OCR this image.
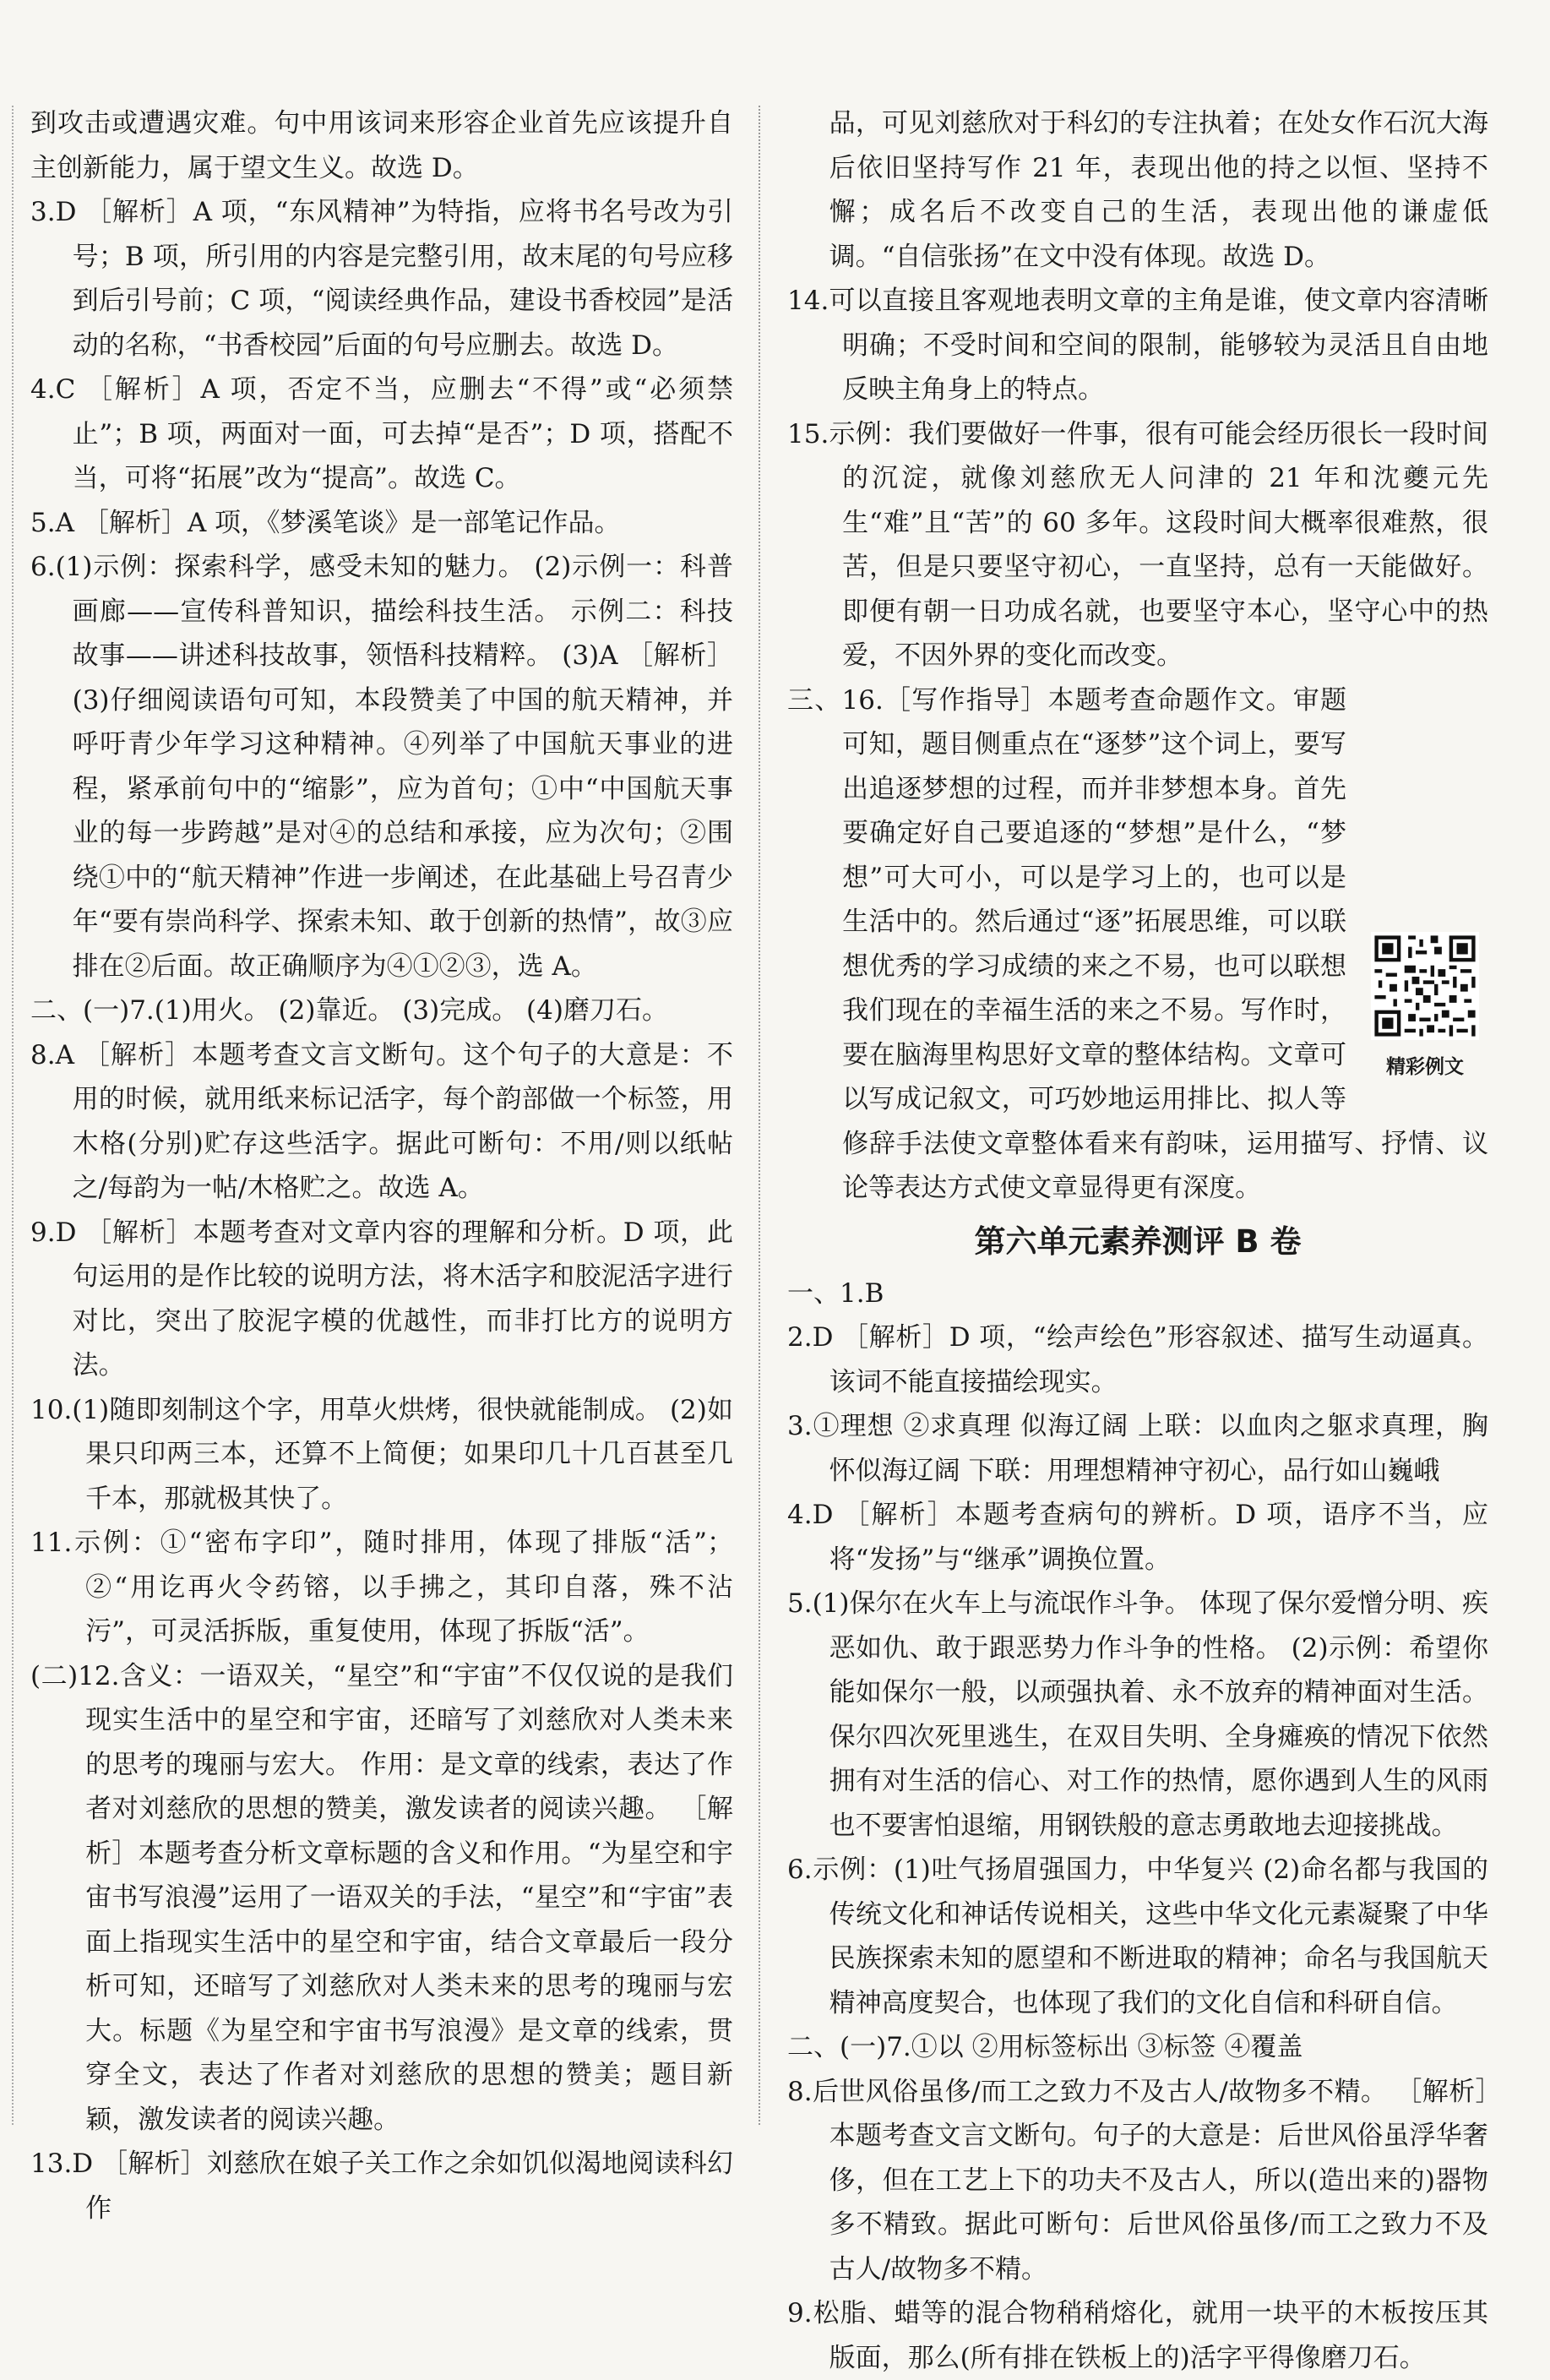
到攻击或遭遇灾难。句中用该词来形容企业首先应该提升自主创新能力，属于望文生义。故选 D。

3.D ［解析］A 项，“东风精神”为特指，应将书名号改为引号；B 项，所引用的内容是完整引用，故末尾的句号应移到后引号前；C 项，“阅读经典作品，建设书香校园”是活动的名称，“书香校园”后面的句号应删去。故选 D。

4.C ［解析］A 项，否定不当，应删去“不得”或“必须禁止”；B 项，两面对一面，可去掉“是否”；D 项，搭配不当，可将“拓展”改为“提高”。故选 C。

5.A ［解析］A 项，《梦溪笔谈》是一部笔记作品。

6.(1)示例：探索科学，感受未知的魅力。 (2)示例一：科普画廊——宣传科普知识，描绘科技生活。 示例二：科技故事——讲述科技故事，领悟科技精粹。 (3)A ［解析］(3)仔细阅读语句可知，本段赞美了中国的航天精神，并呼吁青少年学习这种精神。④列举了中国航天事业的进程，紧承前句中的“缩影”，应为首句；①中“中国航天事业的每一步跨越”是对④的总结和承接，应为次句；②围绕①中的“航天精神”作进一步阐述，在此基础上号召青少年“要有崇尚科学、探索未知、敢于创新的热情”，故③应排在②后面。故正确顺序为④①②③，选 A。

二、(一)7.(1)用火。 (2)靠近。 (3)完成。 (4)磨刀石。

8.A ［解析］本题考查文言文断句。这个句子的大意是：不用的时候，就用纸来标记活字，每个韵部做一个标签，用木格(分别)贮存这些活字。据此可断句：不用/则以纸帖之/每韵为一帖/木格贮之。故选 A。

9.D ［解析］本题考查对文章内容的理解和分析。D 项，此句运用的是作比较的说明方法，将木活字和胶泥活字进行对比，突出了胶泥字模的优越性，而非打比方的说明方法。

10.(1)随即刻制这个字，用草火烘烤，很快就能制成。 (2)如果只印两三本，还算不上简便；如果印几十几百甚至几千本，那就极其快了。

11.示例：①“密布字印”，随时排用，体现了排版“活”；②“用讫再火令药镕，以手拂之，其印自落，殊不沾污”，可灵活拆版，重复使用，体现了拆版“活”。

(二)12.含义：一语双关，“星空”和“宇宙”不仅仅说的是我们现实生活中的星空和宇宙，还暗写了刘慈欣对人类未来的思考的瑰丽与宏大。 作用：是文章的线索，表达了作者对刘慈欣的思想的赞美，激发读者的阅读兴趣。 ［解析］本题考查分析文章标题的含义和作用。“为星空和宇宙书写浪漫”运用了一语双关的手法，“星空”和“宇宙”表面上指现实生活中的星空和宇宙，结合文章最后一段分析可知，还暗写了刘慈欣对人类未来的思考的瑰丽与宏大。标题《为星空和宇宙书写浪漫》是文章的线索，贯穿全文，表达了作者对刘慈欣的思想的赞美；题目新颖，激发读者的阅读兴趣。

13.D ［解析］刘慈欣在娘子关工作之余如饥似渴地阅读科幻作

品，可见刘慈欣对于科幻的专注执着；在处女作石沉大海后依旧坚持写作 21 年，表现出他的持之以恒、坚持不懈；成名后不改变自己的生活，表现出他的谦虚低调。“自信张扬”在文中没有体现。故选 D。

14.可以直接且客观地表明文章的主角是谁，使文章内容清晰明确；不受时间和空间的限制，能够较为灵活且自由地反映主角身上的特点。

15.示例：我们要做好一件事，很有可能会经历很长一段时间的沉淀，就像刘慈欣无人问津的 21 年和沈夔元先生“难”且“苦”的 60 多年。这段时间大概率很难熬，很苦，但是只要坚守初心，一直坚持，总有一天能做好。即便有朝一日功成名就，也要坚守本心，坚守心中的热爱，不因外界的变化而改变。

精彩例文

三、16.［写作指导］本题考查命题作文。审题可知，题目侧重点在“逐梦”这个词上，要写出追逐梦想的过程，而并非梦想本身。首先要确定好自己要追逐的“梦想”是什么，“梦想”可大可小，可以是学习上的，也可以是生活中的。然后通过“逐”拓展思维，可以联想优秀的学习成绩的来之不易，也可以联想我们现在的幸福生活的来之不易。写作时，要在脑海里构思好文章的整体结构。文章可以写成记叙文，可巧妙地运用排比、拟人等修辞手法使文章整体看来有韵味，运用描写、抒情、议论等表达方式使文章显得更有深度。

第六单元素养测评 B 卷

一、1.B

2.D ［解析］D 项，“绘声绘色”形容叙述、描写生动逼真。该词不能直接描绘现实。

3.①理想 ②求真理 似海辽阔 上联：以血肉之躯求真理，胸怀似海辽阔 下联：用理想精神守初心，品行如山巍峨

4.D ［解析］本题考查病句的辨析。D 项，语序不当，应将“发扬”与“继承”调换位置。

5.(1)保尔在火车上与流氓作斗争。 体现了保尔爱憎分明、疾恶如仇、敢于跟恶势力作斗争的性格。 (2)示例：希望你能如保尔一般，以顽强执着、永不放弃的精神面对生活。保尔四次死里逃生，在双目失明、全身瘫痪的情况下依然拥有对生活的信心、对工作的热情，愿你遇到人生的风雨也不要害怕退缩，用钢铁般的意志勇敢地去迎接挑战。

6.示例：(1)吐气扬眉强国力，中华复兴 (2)命名都与我国的传统文化和神话传说相关，这些中华文化元素凝聚了中华民族探索未知的愿望和不断进取的精神；命名与我国航天精神高度契合，也体现了我们的文化自信和科研自信。

二、(一)7.①以 ②用标签标出 ③标签 ④覆盖

8.后世风俗虽侈/而工之致力不及古人/故物多不精。 ［解析］本题考查文言文断句。句子的大意是：后世风俗虽浮华奢侈，但在工艺上下的功夫不及古人，所以(造出来的)器物多不精致。据此可断句：后世风俗虽侈/而工之致力不及古人/故物多不精。

9.松脂、蜡等的混合物稍稍熔化，就用一块平的木板按压其版面，那么(所有排在铁板上的)活字平得像磨刀石。
